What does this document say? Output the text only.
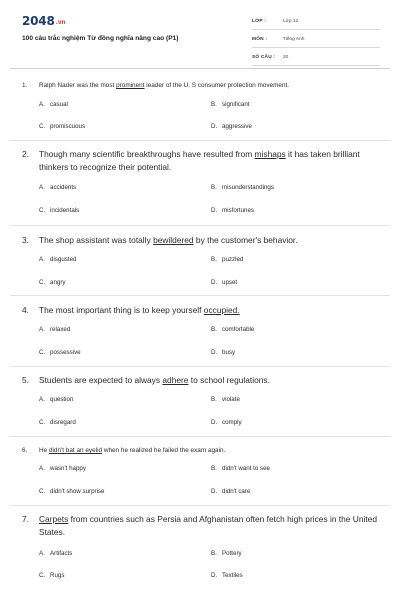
2048.vn
100 câu trắc nghiệm Từ đồng nghĩa nâng cao (P1)
LỚP :	Lớp 12
MÔN :	Tiếng Anh
SỐ CÂU :	20
1. Ralph Nader was the most prominent leader of the U. S consumer protection movement.
A. casual	B. significant
C. promiscuous	D. aggressive
2. Though many scientific breakthroughs have resulted from mishaps it has taken brilliant thinkers to recognize their potential.
A. accidents	B. misunderstandings
C. incidentals	D. misfortunes
3. The shop assistant was totally bewildered by the customer's behavior.
A. disgusted	B. puzzled
C. angry	D. upset
4. The most important thing is to keep yourself occupied.
A. relaxed	B. comfortable
C. possessive	D. busy
5. Students are expected to always adhere to school regulations.
A. question	B. violate
C. disregard	D. comply
6. He didn't bat an eyelid when he realized he failed the exam again.
A. wasn't happy	B. didn't want to see
C. didn't show surprise	D. didn't care
7. Carpets from countries such as Persia and Afghanistan often fetch high prices in the United States.
A. Artifacts	B. Pottery
C. Rugs	D. Textiles
